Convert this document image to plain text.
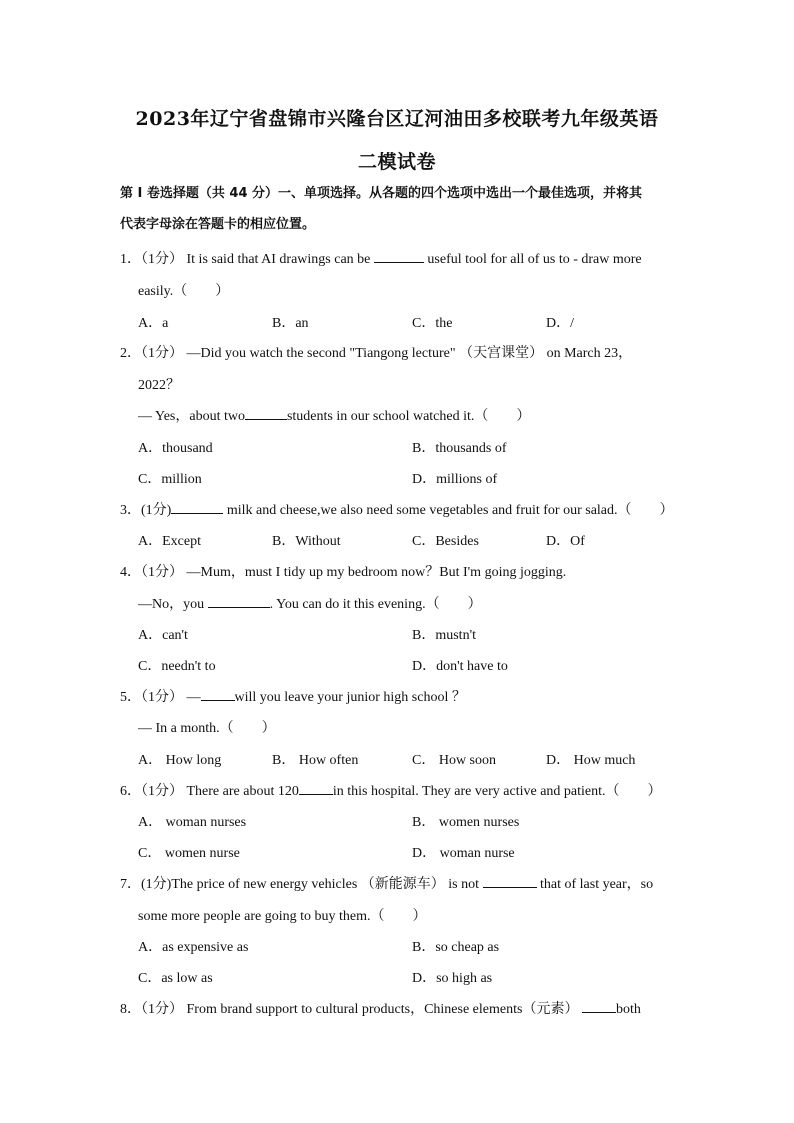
2023年辽宁省盘锦市兴隆台区辽河油田多校联考九年级英语
二模试卷
第 I 卷选择题（共 44 分）一、单项选择。从各题的四个选项中选出一个最佳选项，并将其
代表字母涂在答题卡的相应位置。
1．（1分） It is said that AI drawings can be	useful tool for all of us to - draw more
easily.（　　）
A．a	B．an	C．the	D．/
2．（1分） —Did you watch the second "Tiangong lecture" （天宫课堂） on March 23，
2022？
— Yes，about two	students in our school watched it.（　　）
A．thousand	B．thousands of
C．million	D．millions of
3．(1分)	milk and cheese,we also need some vegetables and fruit for our salad.（　　）
A．Except	B．Without	C．Besides	D．Of
4．（1分） —Mum，must I tidy up my bedroom now？But I'm going jogging.
—No，you	. You can do it this evening.（　　）
A．can't	B．mustn't
C．needn't to	D．don't have to
5．（1分） — will you leave your junior high school ？
— In a month.（　　）
A． How long	B． How often	C． How soon	D． How much
6．（1分） There are about 120 in this hospital. They are very active and patient.（　　）
A． woman nurses	B． women nurses
C． women nurse	D． woman nurse
7．(1分)The price of new energy vehicles （新能源车） is not	that of last year，so
some more people are going to buy them.（　　）
A．as expensive as	B．so cheap as
C．as low as	D．so high as
8．（1分） From brand support to cultural products，Chinese elements（元素）	both
